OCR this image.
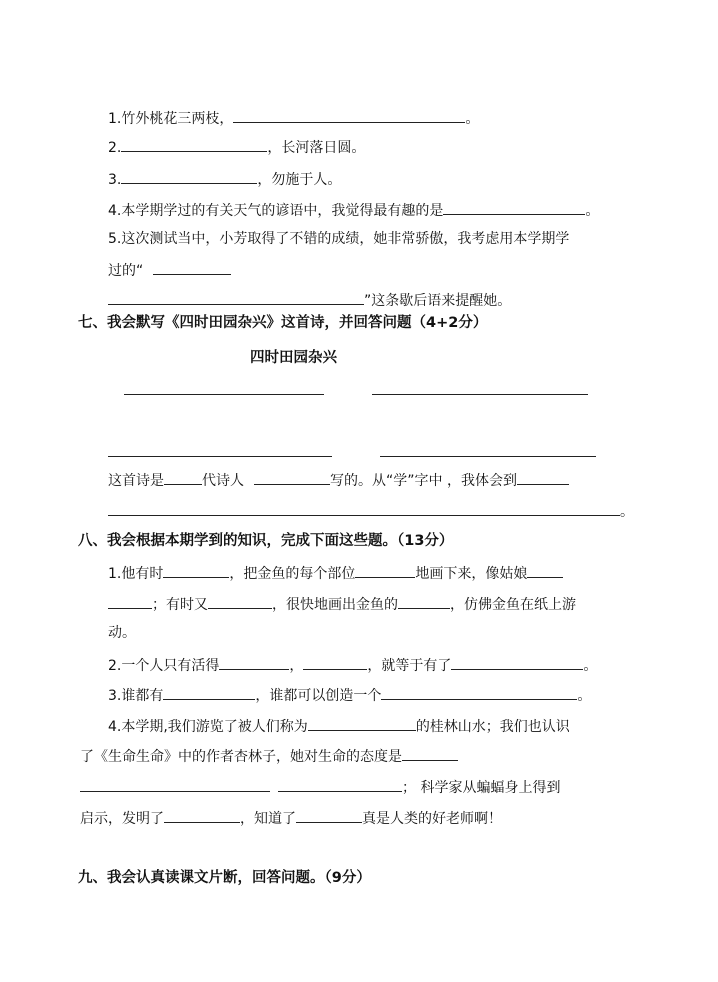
1.竹外桃花三两枝，	。
2.	，长河落日圆。
3.	，勿施于人。
4.本学期学过的有关天气的谚语中，我觉得最有趣的是	。
5.这次测试当中，小芳取得了不错的成绩，她非常骄傲，我考虑用本学期学
过的“
”这条歇后语来提醒她。
七、我会默写《四时田园杂兴》这首诗，并回答问题（4+2分）
四时田园杂兴
这首诗是	代诗人	写的。从“学”字中 ，我体会到
。
八、我会根据本期学到的知识，完成下面这些题。（13分）
1.他有时	，把金鱼的每个部位	地画下来，像姑娘
；有时又	，很快地画出金鱼的	，仿佛金鱼在纸上游
动。
2.一个人只有活得	，	，就等于有了	。
3.谁都有	，谁都可以创造一个	。
4.本学期,我们游览了被人们称为	的桂林山水；我们也认识
了《生命生命》中的作者杏林子，她对生命的态度是
； 科学家从蝙蝠身上得到
启示，发明了	，知道了	真是人类的好老师啊！
九、我会认真读课文片断，回答问题。（9分）
